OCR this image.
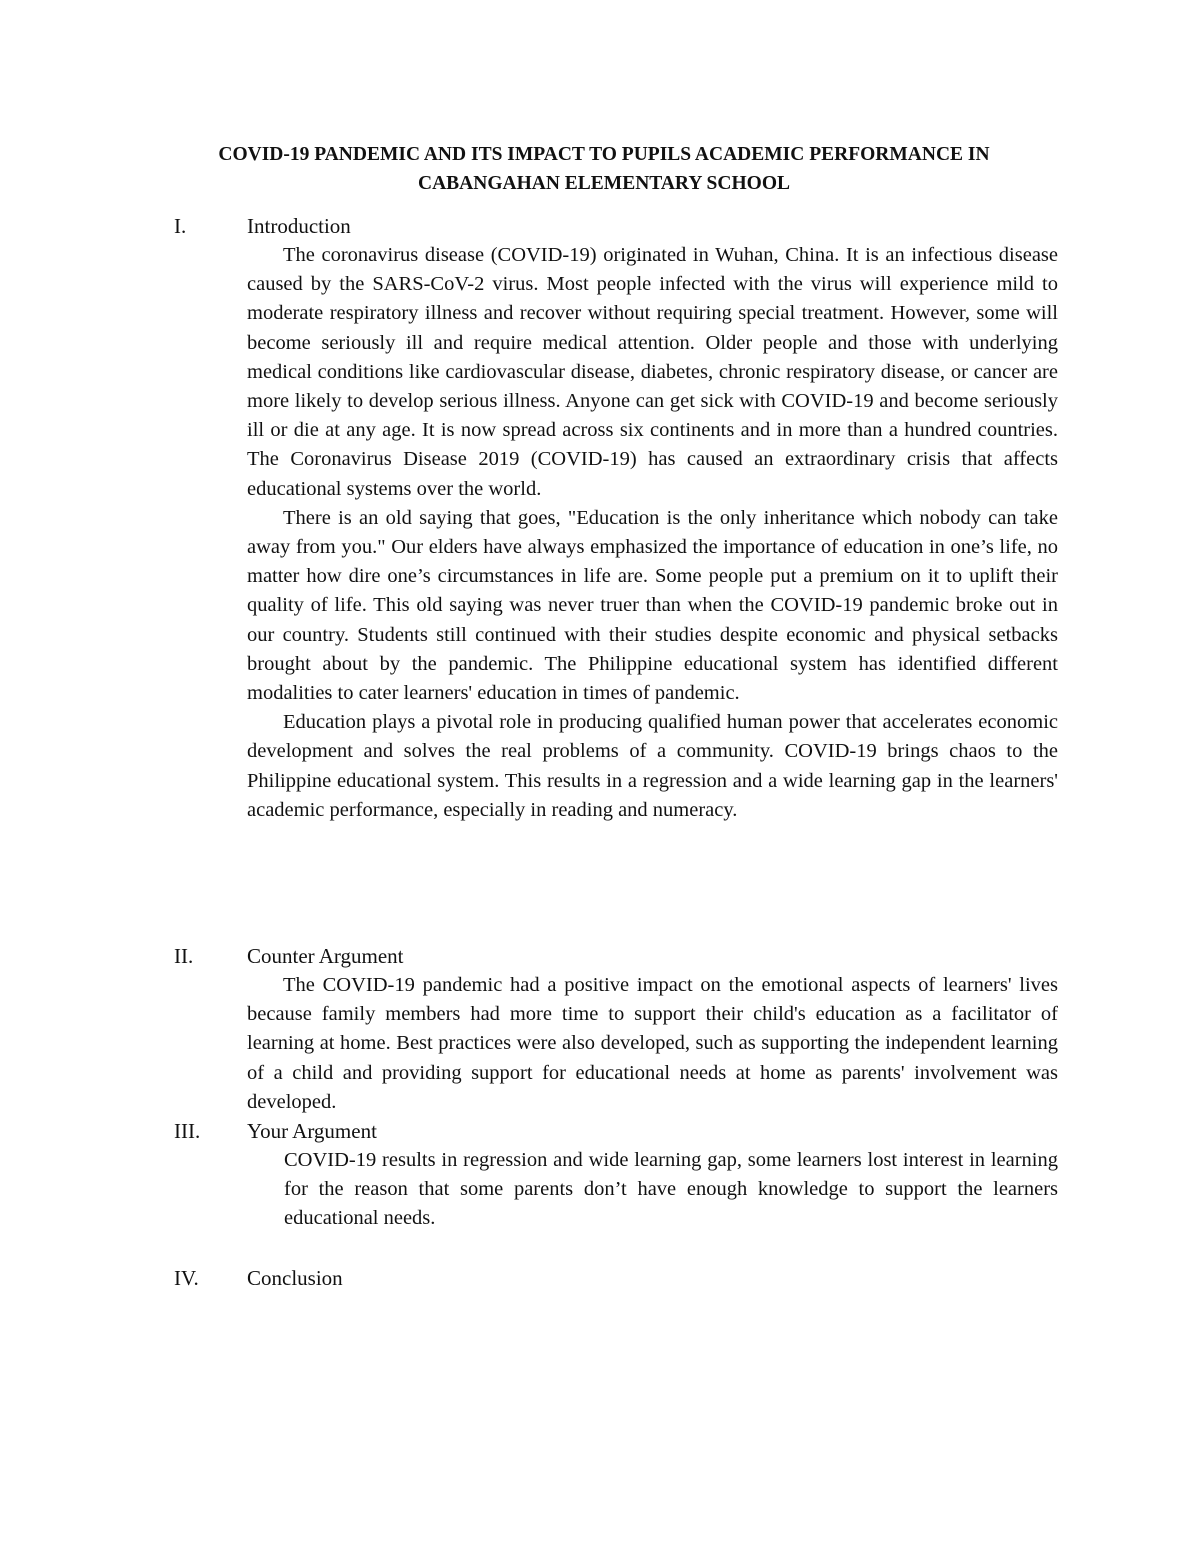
COVID-19 PANDEMIC AND ITS IMPACT TO PUPILS ACADEMIC PERFORMANCE IN
CABANGAHAN ELEMENTARY SCHOOL
I.	Introduction

The coronavirus disease (COVID-19) originated in Wuhan, China. It is an infectious disease caused by the SARS-CoV-2 virus. Most people infected with the virus will experience mild to moderate respiratory illness and recover without requiring special treatment. However, some will become seriously ill and require medical attention. Older people and those with underlying medical conditions like cardiovascular disease, diabetes, chronic respiratory disease, or cancer are more likely to develop serious illness. Anyone can get sick with COVID-19 and become seriously ill or die at any age. It is now spread across six continents and in more than a hundred countries. The Coronavirus Disease 2019 (COVID-19) has caused an extraordinary crisis that affects educational systems over the world.

There is an old saying that goes, "Education is the only inheritance which nobody can take away from you." Our elders have always emphasized the importance of education in one’s life, no matter how dire one’s circumstances in life are. Some people put a premium on it to uplift their quality of life. This old saying was never truer than when the COVID-19 pandemic broke out in our country. Students still continued with their studies despite economic and physical setbacks brought about by the pandemic. The Philippine educational system has identified different modalities to cater learners' education in times of pandemic.

Education plays a pivotal role in producing qualified human power that accelerates economic development and solves the real problems of a community. COVID-19 brings chaos to the Philippine educational system. This results in a regression and a wide learning gap in the learners' academic performance, especially in reading and numeracy.

II.	Counter Argument

The COVID-19 pandemic had a positive impact on the emotional aspects of learners' lives because family members had more time to support their child's education as a facilitator of learning at home. Best practices were also developed, such as supporting the independent learning of a child and providing support for educational needs at home as parents' involvement was developed.

III. Your Argument

COVID-19 results in regression and wide learning gap, some learners lost interest in learning for the reason that some parents don’t have enough knowledge to support the learners educational needs.

IV. Conclusion
